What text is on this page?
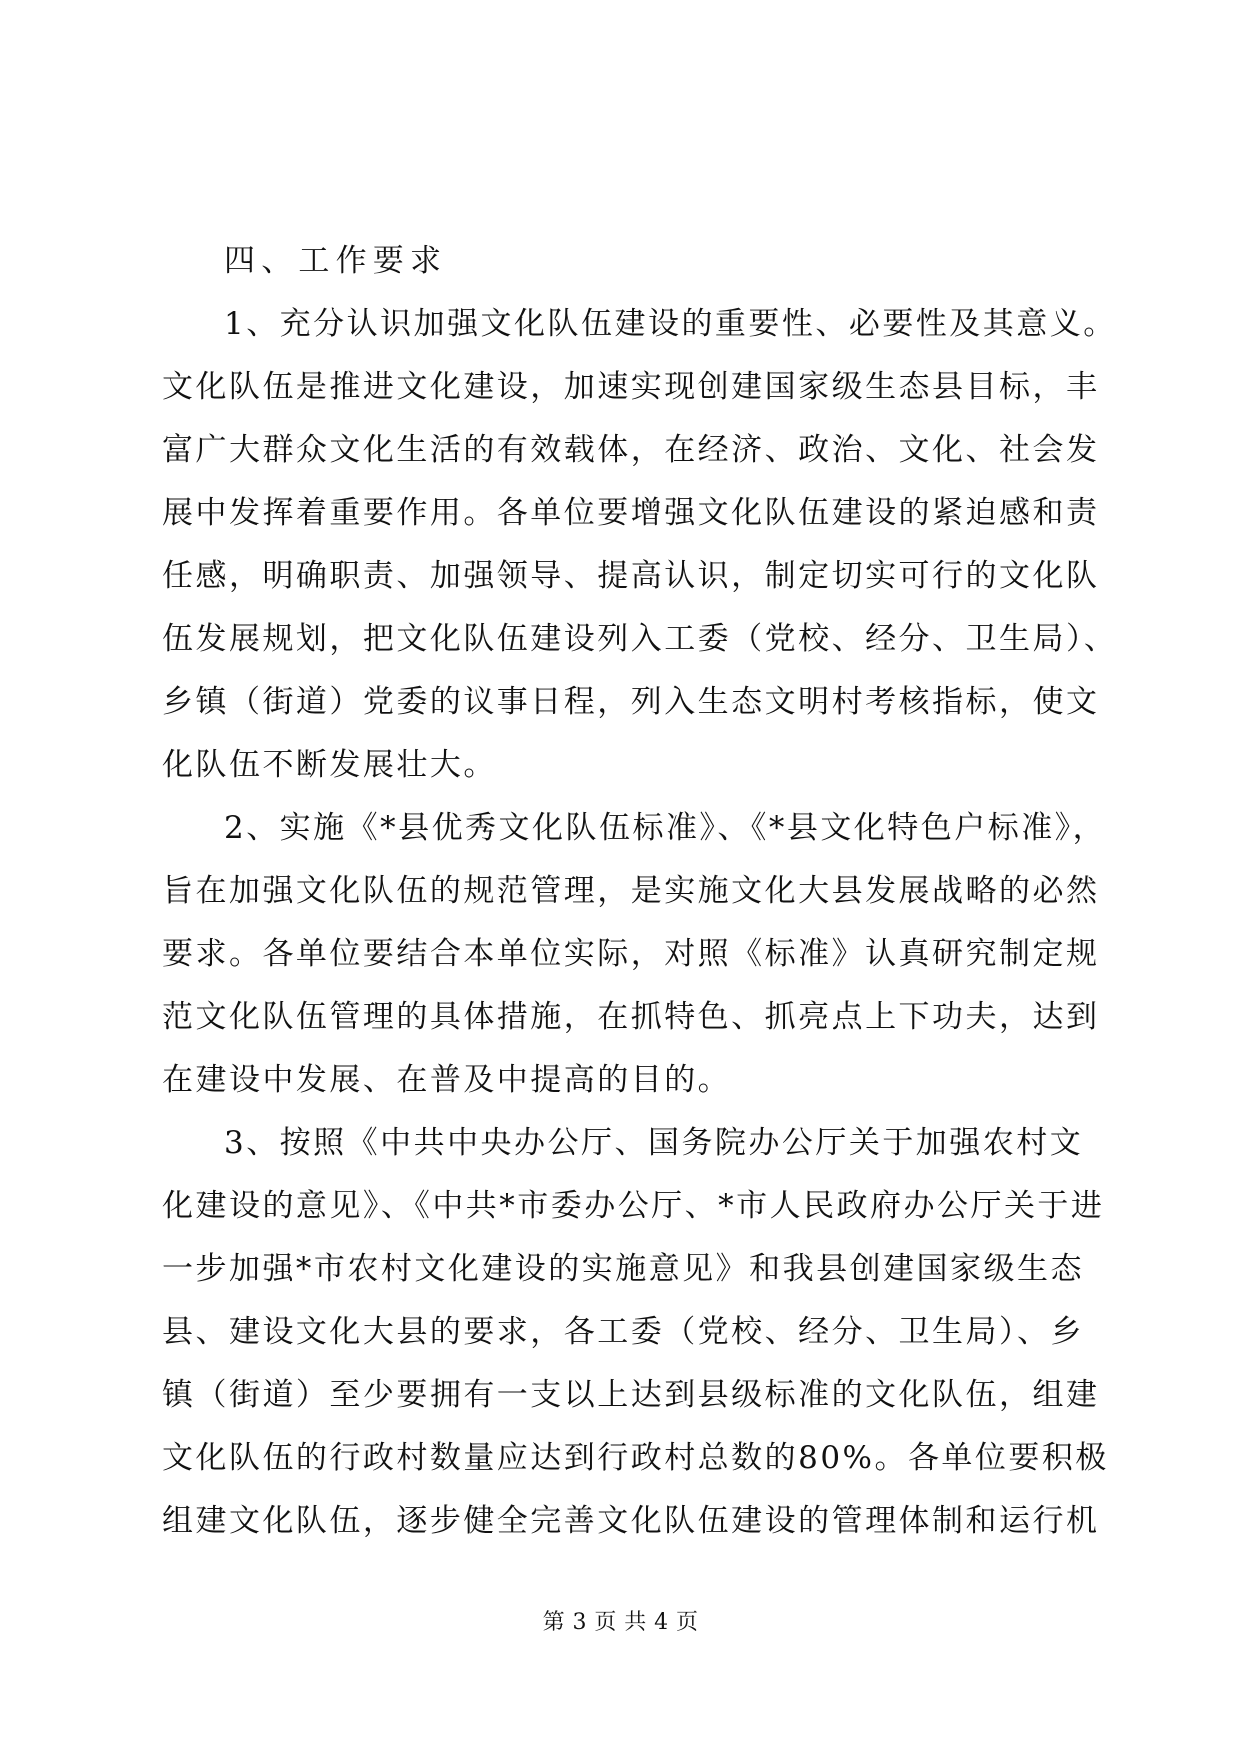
四、工作要求
1、充分认识加强文化队伍建设的重要性、必要性及其意义。
文化队伍是推进文化建设，加速实现创建国家级生态县目标，丰
富广大群众文化生活的有效载体，在经济、政治、文化、社会发
展中发挥着重要作用。各单位要增强文化队伍建设的紧迫感和责
任感，明确职责、加强领导、提高认识，制定切实可行的文化队
伍发展规划，把文化队伍建设列入工委（党校、经分、卫生局）、
乡镇（街道）党委的议事日程，列入生态文明村考核指标，使文
化队伍不断发展壮大。
2、实施《*县优秀文化队伍标准》、《*县文化特色户标准》，
旨在加强文化队伍的规范管理，是实施文化大县发展战略的必然
要求。各单位要结合本单位实际，对照《标准》认真研究制定规
范文化队伍管理的具体措施，在抓特色、抓亮点上下功夫，达到
在建设中发展、在普及中提高的目的。
3、按照《中共中央办公厅、国务院办公厅关于加强农村文
化建设的意见》、《中共*市委办公厅、*市人民政府办公厅关于进
一步加强*市农村文化建设的实施意见》和我县创建国家级生态
县、建设文化大县的要求，各工委（党校、经分、卫生局）、乡
镇（街道）至少要拥有一支以上达到县级标准的文化队伍，组建
文化队伍的行政村数量应达到行政村总数的80%。各单位要积极
组建文化队伍，逐步健全完善文化队伍建设的管理体制和运行机
第 3 页 共 4 页
